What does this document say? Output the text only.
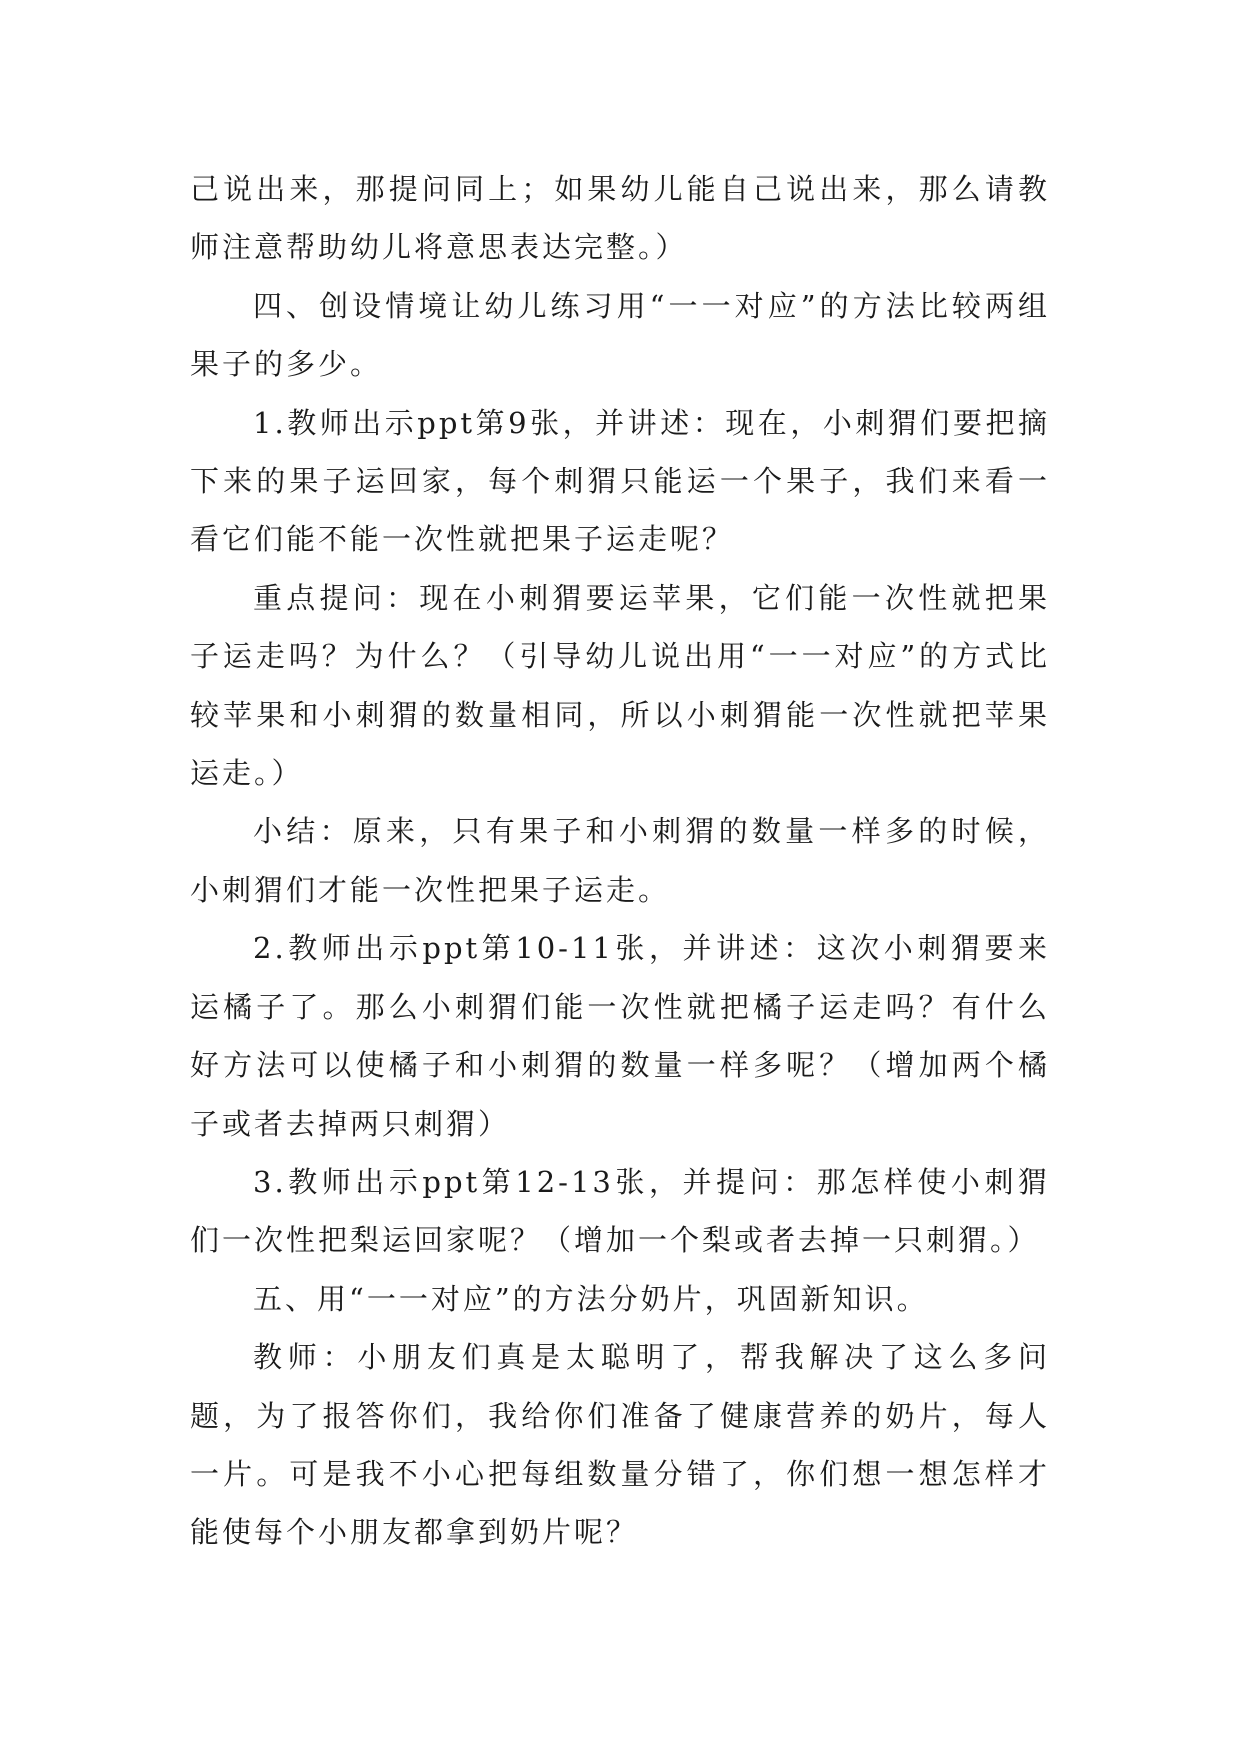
己说出来，那提问同上；如果幼儿能自己说出来，那么请教师注意帮助幼儿将意思表达完整。）

四、创设情境让幼儿练习用“一一对应”的方法比较两组果子的多少。

1.教师出示ppt第9张，并讲述：现在，小刺猬们要把摘下来的果子运回家，每个刺猬只能运一个果子，我们来看一看它们能不能一次性就把果子运走呢？

重点提问：现在小刺猬要运苹果，它们能一次性就把果子运走吗？为什么？（引导幼儿说出用“一一对应”的方式比较苹果和小刺猬的数量相同，所以小刺猬能一次性就把苹果运走。）

小结：原来，只有果子和小刺猬的数量一样多的时候，小刺猬们才能一次性把果子运走。

2.教师出示ppt第10-11张，并讲述：这次小刺猬要来运橘子了。那么小刺猬们能一次性就把橘子运走吗？有什么好方法可以使橘子和小刺猬的数量一样多呢？（增加两个橘子或者去掉两只刺猬）

3.教师出示ppt第12-13张，并提问：那怎样使小刺猬们一次性把梨运回家呢？（增加一个梨或者去掉一只刺猬。）

五、用“一一对应”的方法分奶片，巩固新知识。

教师：小朋友们真是太聪明了，帮我解决了这么多问题，为了报答你们，我给你们准备了健康营养的奶片，每人一片。可是我不小心把每组数量分错了，你们想一想怎样才能使每个小朋友都拿到奶片呢？
